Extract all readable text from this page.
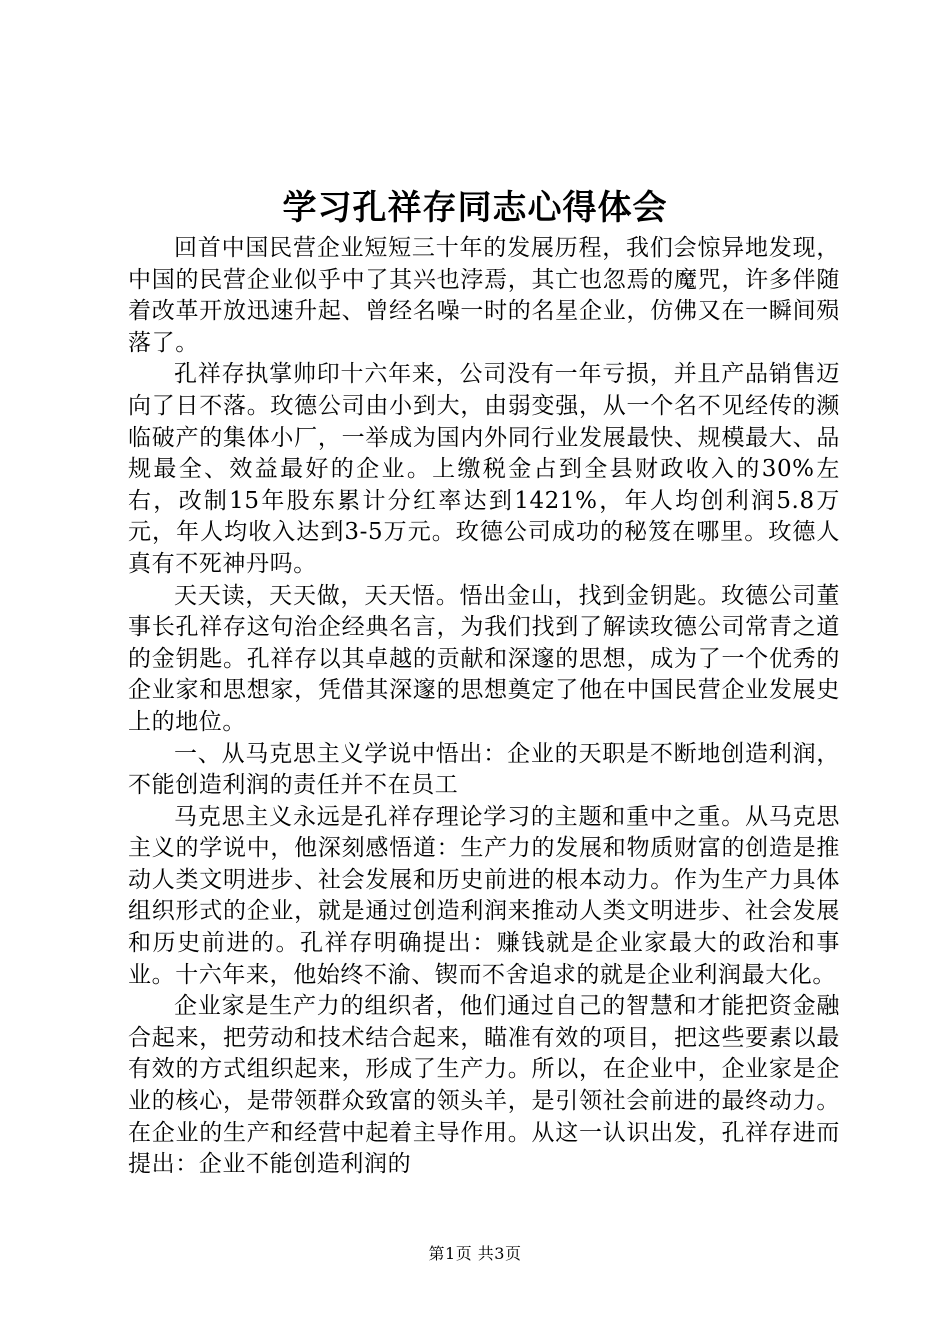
学习孔祥存同志心得体会

回首中国民营企业短短三十年的发展历程，我们会惊异地发现，中国的民营企业似乎中了其兴也浡焉，其亡也忽焉的魔咒，许多伴随着改革开放迅速升起、曾经名噪一时的名星企业，仿佛又在一瞬间殒落了。

孔祥存执掌帅印十六年来，公司没有一年亏损，并且产品销售迈向了日不落。玫德公司由小到大，由弱变强，从一个名不见经传的濒临破产的集体小厂，一举成为国内外同行业发展最快、规模最大、品规最全、效益最好的企业。上缴税金占到全县财政收入的30%左右，改制15年股东累计分红率达到1421%，年人均创利润5.8万元，年人均收入达到3-5万元。玫德公司成功的秘笈在哪里。玫德人真有不死神丹吗。

天天读，天天做，天天悟。悟出金山，找到金钥匙。玫德公司董事长孔祥存这句治企经典名言，为我们找到了解读玫德公司常青之道的金钥匙。孔祥存以其卓越的贡献和深邃的思想，成为了一个优秀的企业家和思想家，凭借其深邃的思想奠定了他在中国民营企业发展史上的地位。

一、从马克思主义学说中悟出：企业的天职是不断地创造利润，不能创造利润的责任并不在员工

马克思主义永远是孔祥存理论学习的主题和重中之重。从马克思主义的学说中，他深刻感悟道：生产力的发展和物质财富的创造是推动人类文明进步、社会发展和历史前进的根本动力。作为生产力具体组织形式的企业，就是通过创造利润来推动人类文明进步、社会发展和历史前进的。孔祥存明确提出：赚钱就是企业家最大的政治和事业。十六年来，他始终不渝、锲而不舍追求的就是企业利润最大化。

企业家是生产力的组织者，他们通过自己的智慧和才能把资金融合起来，把劳动和技术结合起来，瞄准有效的项目，把这些要素以最有效的方式组织起来，形成了生产力。所以，在企业中，企业家是企业的核心，是带领群众致富的领头羊，是引领社会前进的最终动力。在企业的生产和经营中起着主导作用。从这一认识出发，孔祥存进而提出：企业不能创造利润的

第1页 共3页
